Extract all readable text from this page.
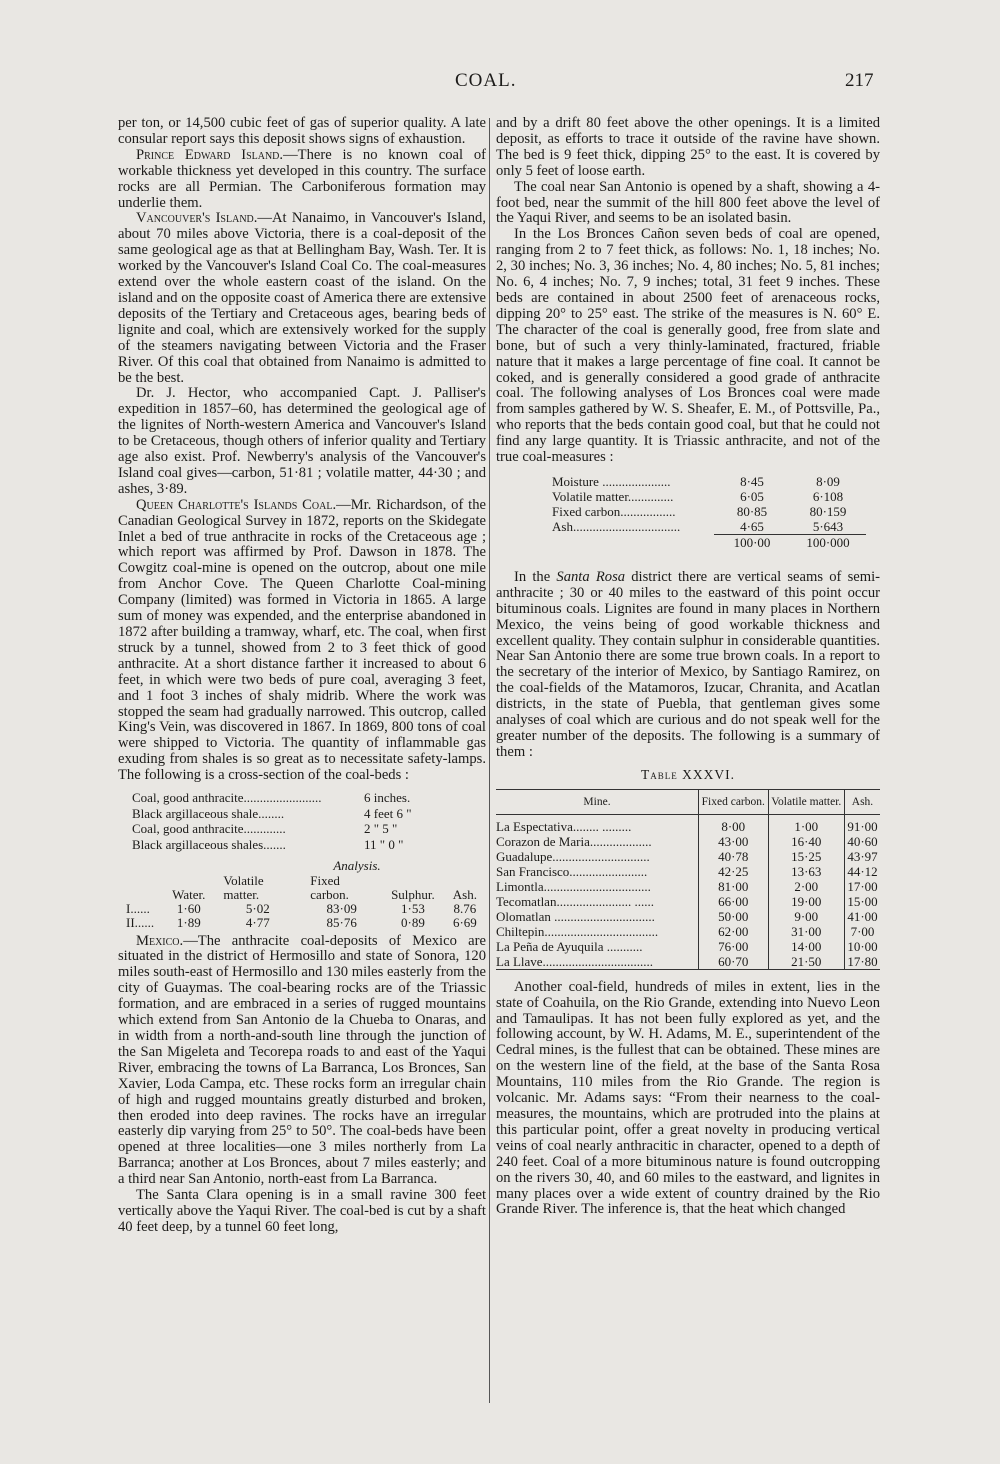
COAL.	217

per ton, or 14,500 cubic feet of gas of superior quality. A late consular report says this deposit shows signs of exhaustion.

Prince Edward Island.—There is no known coal of workable thickness yet developed in this country. The surface rocks are all Permian. The Carboniferous formation may underlie them.

Vancouver's Island.—At Nanaimo, in Vancouver's Island, about 70 miles above Victoria, there is a coal-deposit of the same geological age as that at Bellingham Bay, Wash. Ter. It is worked by the Vancouver's Island Coal Co. The coal-measures extend over the whole eastern coast of the island. On the island and on the opposite coast of America there are extensive deposits of the Tertiary and Cretaceous ages, bearing beds of lignite and coal, which are extensively worked for the supply of the steamers navigating between Victoria and the Fraser River. Of this coal that obtained from Nanaimo is admitted to be the best.

Dr. J. Hector, who accompanied Capt. J. Palliser's expedition in 1857–60, has determined the geological age of the lignites of North-western America and Vancouver's Island to be Cretaceous, though others of inferior quality and Tertiary age also exist. Prof. Newberry's analysis of the Vancouver's Island coal gives—carbon, 51·81 ; volatile matter, 44·30 ; and ashes, 3·89.

Queen Charlotte's Islands Coal.—Mr. Richardson, of the Canadian Geological Survey in 1872, reports on the Skidegate Inlet a bed of true anthracite in rocks of the Cretaceous age ; which report was affirmed by Prof. Dawson in 1878. The Cowgitz coal-mine is opened on the outcrop, about one mile from Anchor Cove. The Queen Charlotte Coal-mining Company (limited) was formed in Victoria in 1865. A large sum of money was expended, and the enterprise abandoned in 1872 after building a tramway, wharf, etc. The coal, when first struck by a tunnel, showed from 2 to 3 feet thick of good anthracite. At a short distance farther it increased to about 6 feet, in which were two beds of pure coal, averaging 3 feet, and 1 foot 3 inches of shaly midrib. Where the work was stopped the seam had gradually narrowed. This outcrop, called King's Vein, was discovered in 1867. In 1869, 800 tons of coal were shipped to Victoria. The quantity of inflammable gas exuding from shales is so great as to necessitate safety-lamps. The following is a cross-section of the coal-beds :

Coal, good anthracite........................	6 inches.
Black argillaceous shale........	4 feet 6 "
Coal, good anthracite.............	2 " 5 "
Black argillaceous shales.......	11 " 0 "
Analysis.
	Water.	Volatile matter.	Fixed carbon.	Sulphur.	Ash.
I......	1·60	5·02	83·09	1·53	8.76
II......	1·89	4·77	85·76	0·89	6·69

Mexico.—The anthracite coal-deposits of Mexico are situated in the district of Hermosillo and state of Sonora, 120 miles south-east of Hermosillo and 130 miles easterly from the city of Guaymas. The coal-bearing rocks are of the Triassic formation, and are embraced in a series of rugged mountains which extend from San Antonio de la Chueba to Onaras, and in width from a north-and-south line through the junction of the San Migeleta and Tecorepa roads to and east of the Yaqui River, embracing the towns of La Barranca, Los Bronces, San Xavier, Loda Campa, etc. These rocks form an irregular chain of high and rugged mountains greatly disturbed and broken, then eroded into deep ravines. The rocks have an irregular easterly dip varying from 25° to 50°. The coal-beds have been opened at three localities—one 3 miles northerly from La Barranca; another at Los Bronces, about 7 miles easterly; and a third near San Antonio, north-east from La Barranca.

The Santa Clara opening is in a small ravine 300 feet vertically above the Yaqui River. The coal-bed is cut by a shaft 40 feet deep, by a tunnel 60 feet long,

and by a drift 80 feet above the other openings. It is a limited deposit, as efforts to trace it outside of the ravine have shown. The bed is 9 feet thick, dipping 25° to the east. It is covered by only 5 feet of loose earth.

The coal near San Antonio is opened by a shaft, showing a 4-foot bed, near the summit of the hill 800 feet above the level of the Yaqui River, and seems to be an isolated basin.

In the Los Bronces Cañon seven beds of coal are opened, ranging from 2 to 7 feet thick, as follows: No. 1, 18 inches; No. 2, 30 inches; No. 3, 36 inches; No. 4, 80 inches; No. 5, 81 inches; No. 6, 4 inches; No. 7, 9 inches; total, 31 feet 9 inches. These beds are contained in about 2500 feet of arenaceous rocks, dipping 20° to 25° east. The strike of the measures is N. 60° E. The character of the coal is generally good, free from slate and bone, but of such a very thinly-laminated, fractured, friable nature that it makes a large percentage of fine coal. It cannot be coked, and is generally considered a good grade of anthracite coal. The following analyses of Los Bronces coal were made from samples gathered by W. S. Sheafer, E. M., of Pottsville, Pa., who reports that the beds contain good coal, but that he could not find any large quantity. It is Triassic anthracite, and not of the true coal-measures :

Moisture .....................	8·45	8·09
Volatile matter..............	6·05	6·108
Fixed carbon.................	80·85	80·159
Ash.................................	4·65	5·643
	100·00	100·000

In the Santa Rosa district there are vertical seams of semi-anthracite ; 30 or 40 miles to the eastward of this point occur bituminous coals. Lignites are found in many places in Northern Mexico, the veins being of good workable thickness and excellent quality. They contain sulphur in considerable quantities. Near San Antonio there are some true brown coals. In a report to the secretary of the interior of Mexico, by Santiago Ramirez, on the coal-fields of the Matamoros, Izucar, Chranita, and Acatlan districts, in the state of Puebla, that gentleman gives some analyses of coal which are curious and do not speak well for the greater number of the deposits. The following is a summary of them :

Table XXXVI.
Mine.	Fixed carbon.	Volatile matter.	Ash.
La Espectativa........ .........	8·00	1·00	91·00
Corazon de Maria...................	43·00	16·40	40·60
Guadalupe..............................	40·78	15·25	43·97
San Francisco........................	42·25	13·63	44·12
Limontla.................................	81·00	2·00	17·00
Tecomatlan....................... ......	66·00	19·00	15·00
Olomatlan ...............................	50·00	9·00	41·00
Chiltepin...................................	62·00	31·00	7·00
La Peña de Ayuquila ...........	76·00	14·00	10·00
La Llave..................................	60·70	21·50	17·80

Another coal-field, hundreds of miles in extent, lies in the state of Coahuila, on the Rio Grande, extending into Nuevo Leon and Tamaulipas. It has not been fully explored as yet, and the following account, by W. H. Adams, M. E., superintendent of the Cedral mines, is the fullest that can be obtained. These mines are on the western line of the field, at the base of the Santa Rosa Mountains, 110 miles from the Rio Grande. The region is volcanic. Mr. Adams says: “From their nearness to the coal-measures, the mountains, which are protruded into the plains at this particular point, offer a great novelty in producing vertical veins of coal nearly anthracitic in character, opened to a depth of 240 feet. Coal of a more bituminous nature is found outcropping on the rivers 30, 40, and 60 miles to the eastward, and lignites in many places over a wide extent of country drained by the Rio Grande River. The inference is, that the heat which changed
